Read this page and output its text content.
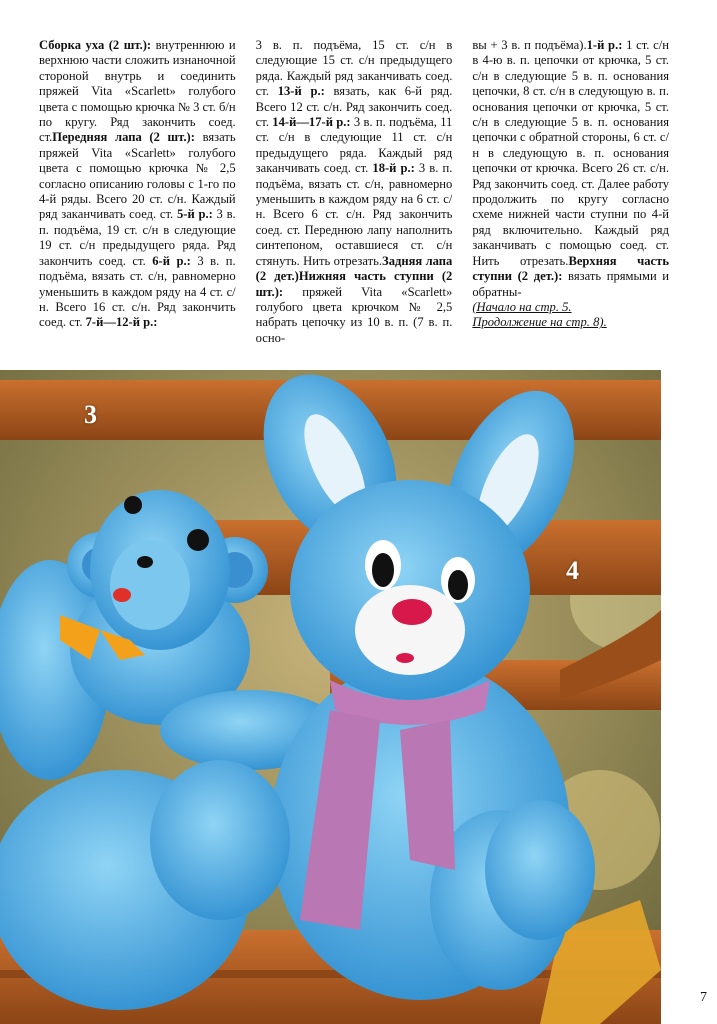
Сборка уха (2 шт.): внутреннюю и верхнюю части сложить изнаночной стороной внутрь и соединить пряжей Vita «Scarlett» голубого цвета с помощью крючка № 3 ст. б/н по кругу. Ряд закончить соед. ст.Передняя лапа (2 шт.): вязать пряжей Vita «Scarlett» голубого цвета с помощью крючка № 2,5 согласно описанию головы с 1-го по 4-й ряды. Всего 20 ст. с/н. Каждый ряд заканчивать соед. ст. 5-й р.: 3 в. п. подъёма, 19 ст. с/н в следующие 19 ст. с/н предыдущего ряда. Ряд закончить соед. ст. 6-й р.: 3 в. п. подъёма, вязать ст. с/н, равномерно уменьшить в каждом ряду на 4 ст. с/н. Всего 16 ст. с/н. Ряд закончить соед. ст. 7-й—12-й р.:

3 в. п. подъёма, 15 ст. с/н в следующие 15 ст. с/н предыдущего ряда. Каждый ряд заканчивать соед. ст. 13-й р.: вязать, как 6-й ряд. Всего 12 ст. с/н. Ряд закончить соед. ст. 14-й—17-й р.: 3 в. п. подъёма, 11 ст. с/н в следующие 11 ст. с/н предыдущего ряда. Каждый ряд заканчивать соед. ст. 18-й р.: 3 в. п. подъёма, вязать ст. с/н, равномерно уменьшить в каждом ряду на 6 ст. с/н. Всего 6 ст. с/н. Ряд закончить соед. ст. Переднюю лапу наполнить синтепоном, оставшиеся ст. с/н стянуть. Нить отрезать.Задняя лапа (2 дет.)Нижняя часть ступни (2 шт.): пряжей Vita «Scarlett» голубого цвета крючком № 2,5 набрать цепочку из 10 в. п. (7 в. п. осно-

вы + 3 в. п подъёма).1-й р.: 1 ст. с/н в 4-ю в. п. цепочки от крючка, 5 ст. с/н в следующие 5 в. п. основания цепочки, 8 ст. с/н в следующую в. п. основания цепочки от крючка, 5 ст. с/н в следующие 5 в. п. основания цепочки с обратной стороны, 6 ст. с/н в следующую в. п. основания цепочки от крючка. Всего 26 ст. с/н. Ряд закончить соед. ст. Далее работу продолжить по кругу согласно схеме нижней части ступни по 4-й ряд включительно. Каждый ряд заканчивать с помощью соед. ст. Нить отрезать.Верхняя часть ступни (2 дет.): вязать прямыми и обратны-

(Начало на стр. 5.
Продолжение на стр. 8).
3
4
7
